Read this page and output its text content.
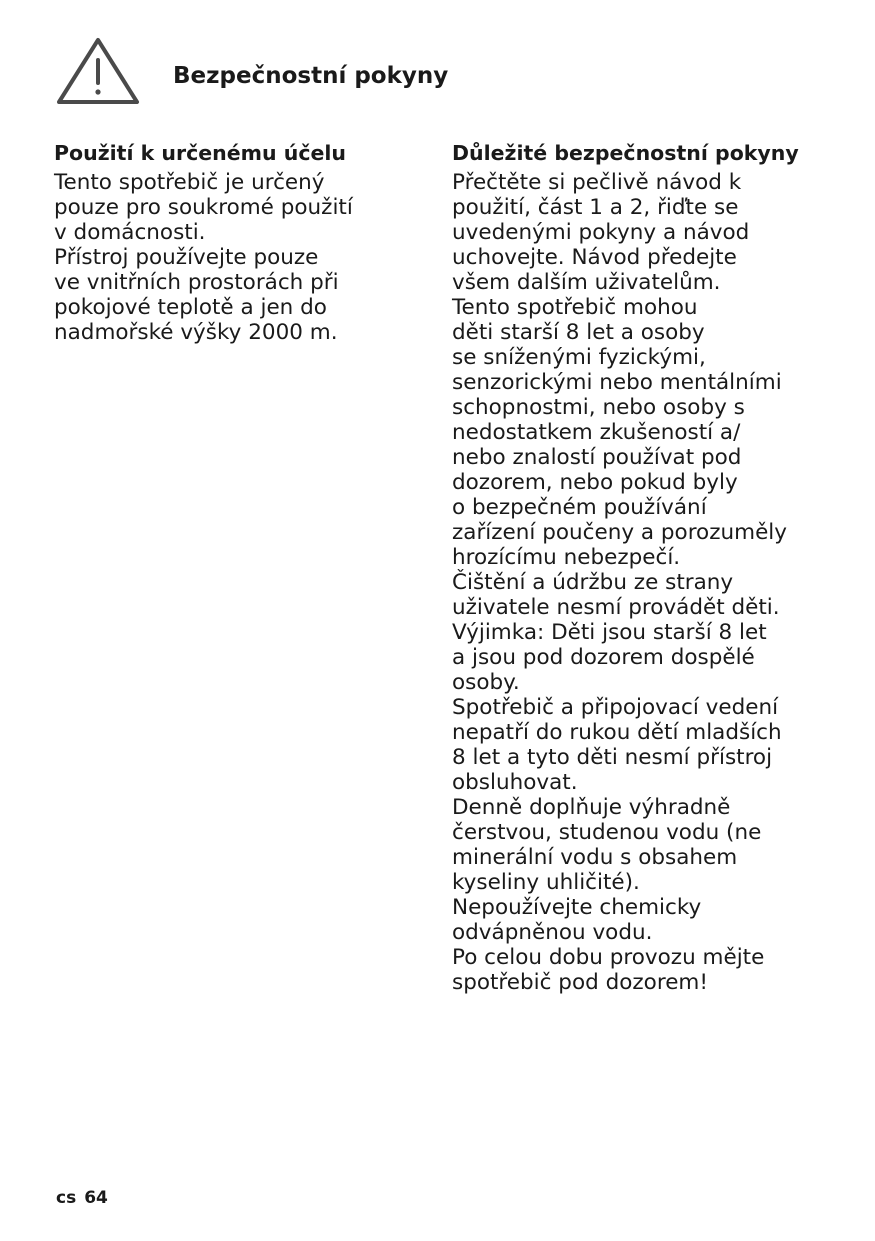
Bezpečnostní pokyny
Použití k určenému účelu
Tento spotřebič je určený
pouze pro soukromé použití
v domácnosti.
Přístroj používejte pouze
ve vnitřních prostorách při
pokojové teplotě a jen do
nadmořské výšky 2000 m.
Důležité bezpečnostní pokyny
Přečtěte si pečlivě návod k
použití, část 1 a 2, řiďte se
uvedenými pokyny a návod
uchovejte. Návod předejte
všem dalším uživatelům.
Tento spotřebič mohou
děti starší 8 let a osoby
se sníženými fyzickými,
senzorickými nebo mentálními
schopnostmi, nebo osoby s
nedostatkem zkušeností a/
nebo znalostí používat pod
dozorem, nebo pokud byly
o bezpečném používání
zařízení poučeny a porozuměly
hrozícímu nebezpečí.
Čištění a údržbu ze strany
uživatele nesmí provádět děti.
Výjimka: Děti jsou starší 8 let
a jsou pod dozorem dospělé
osoby.
Spotřebič a připojovací vedení
nepatří do rukou dětí mladších
8 let a tyto děti nesmí přístroj
obsluhovat.
Denně doplňuje výhradně
čerstvou, studenou vodu (ne
minerální vodu s obsahem
kyseliny uhličité).
Nepoužívejte chemicky
odvápněnou vodu.
Po celou dobu provozu mějte
spotřebič pod dozorem!
cs 64
